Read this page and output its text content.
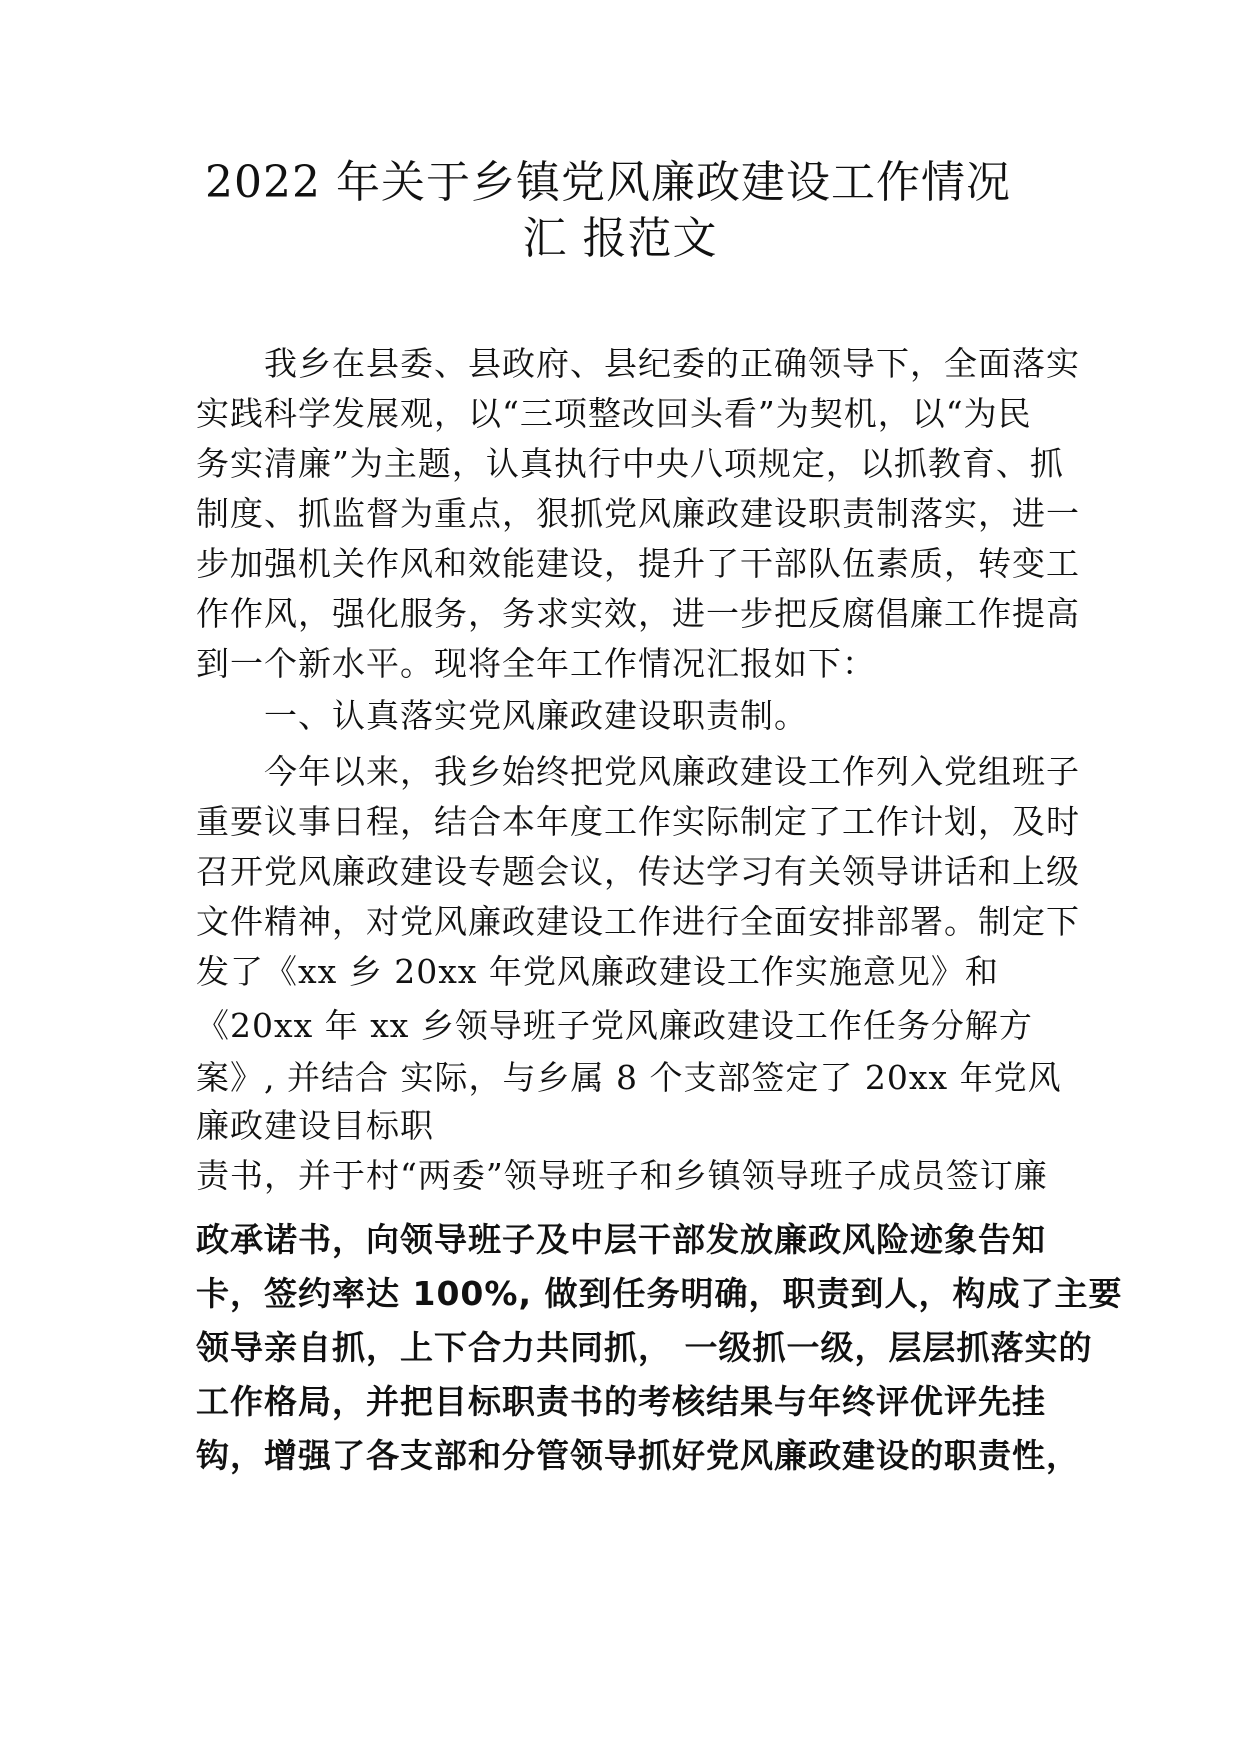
2022 年关于乡镇党风廉政建设工作情况
汇 报范文
　　我乡在县委、县政府、县纪委的正确领导下，全面落实
实践科学发展观，以“三项整改回头看”为契机，以“为民
务实清廉”为主题，认真执行中央八项规定，以抓教育、抓
制度、抓监督为重点，狠抓党风廉政建设职责制落实，进一
步加强机关作风和效能建设，提升了干部队伍素质，转变工
作作风，强化服务，务求实效，进一步把反腐倡廉工作提高
到一个新水平。现将全年工作情况汇报如下：
　　一、认真落实党风廉政建设职责制。
　　今年以来，我乡始终把党风廉政建设工作列入党组班子
重要议事日程，结合本年度工作实际制定了工作计划，及时
召开党风廉政建设专题会议，传达学习有关领导讲话和上级
文件精神，对党风廉政建设工作进行全面安排部署。制定下
发了《xx 乡 20xx 年党风廉政建设工作实施意见》和
《20xx 年 xx 乡领导班子党风廉政建设工作任务分解方
案》, 并结合 实际，与乡属 8 个支部签定了 20xx 年党风
廉政建设目标职
责书，并于村“两委”领导班子和乡镇领导班子成员签订廉
政承诺书，向领导班子及中层干部发放廉政风险迹象告知
卡，签约率达 100%, 做到任务明确，职责到人，构成了主要
领导亲自抓，上下合力共同抓， 一级抓一级，层层抓落实的
工作格局，并把目标职责书的考核结果与年终评优评先挂
钩，增强了各支部和分管领导抓好党风廉政建设的职责性，
